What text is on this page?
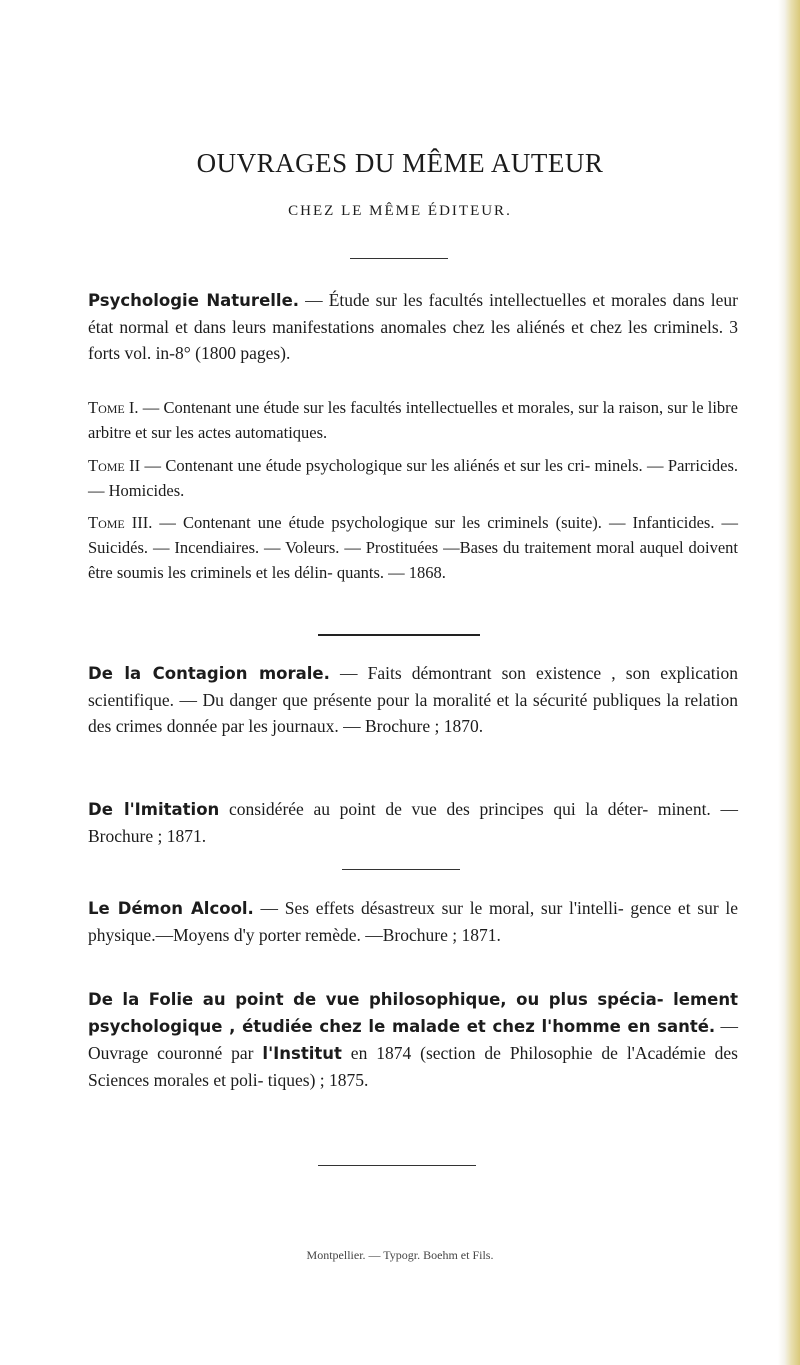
OUVRAGES DU MÊME AUTEUR
CHEZ LE MÊME ÉDITEUR.
Psychologie Naturelle. — Étude sur les facultés intellectuelles et morales dans leur état normal et dans leurs manifestations anomales chez les aliénés et chez les criminels. 3 forts vol. in-8° (1800 pages).
Tome I. — Contenant une étude sur les facultés intellectuelles et morales, sur la raison, sur le libre arbitre et sur les actes automatiques.
Tome II — Contenant une étude psychologique sur les aliénés et sur les cri- minels. — Parricides. — Homicides.
Tome III. — Contenant une étude psychologique sur les criminels (suite). — Infanticides. — Suicidés. — Incendiaires. — Voleurs. — Prostituées —Bases du traitement moral auquel doivent être soumis les criminels et les délin- quants. — 1868.
De la Contagion morale. — Faits démontrant son existence , son explication scientifique. — Du danger que présente pour la moralité et la sécurité publiques la relation des crimes donnée par les journaux. — Brochure ; 1870.
De l'Imitation considérée au point de vue des principes qui la déter- minent. — Brochure ; 1871.
Le Démon Alcool. — Ses effets désastreux sur le moral, sur l'intelli- gence et sur le physique.—Moyens d'y porter remède. —Brochure ; 1871.
De la Folie au point de vue philosophique, ou plus spécia- lement psychologique , étudiée chez le malade et chez l'homme en santé. — Ouvrage couronné par l'Institut en 1874 (section de Philosophie de l'Académie des Sciences morales et poli- tiques) ; 1875.
Montpellier. — Typogr. Boehm et Fils.
